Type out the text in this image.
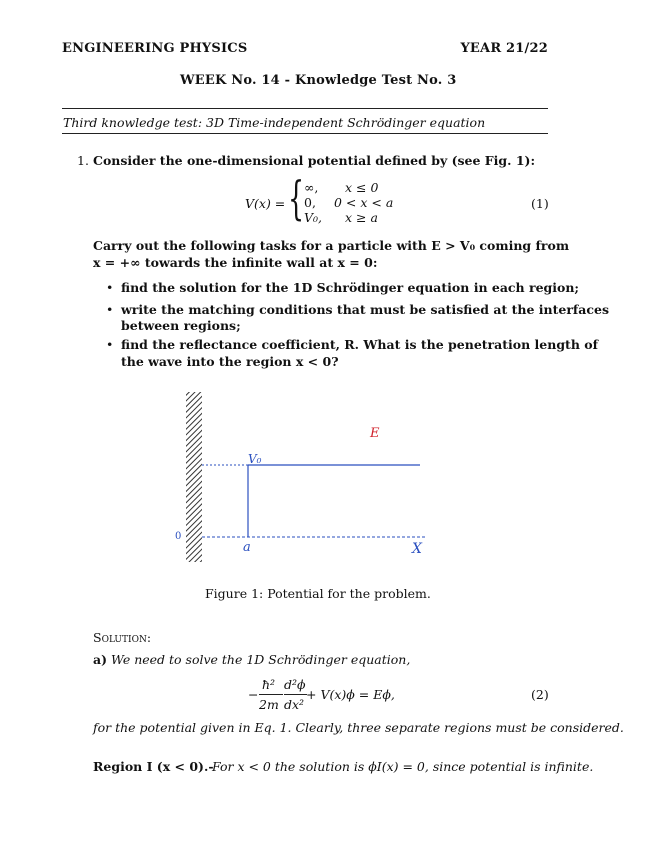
ENGINEERING PHYSICS	YEAR 21/22
WEEK No. 14 - Knowledge Test No. 3
Third knowledge test: 3D Time-independent Schrödinger equation
1. Consider the one-dimensional potential defined by (see Fig. 1):
V(x) = { ∞, x ≤ 0
0, 0 < x < a
V₀, x ≥ a
(1)
Carry out the following tasks for a particle with E > V₀ coming from
x = +∞ towards the infinite wall at x = 0:
• find the solution for the 1D Schrödinger equation in each region;
• write the matching conditions that must be satisfied at the interfaces
between regions;
• find the reflectance coefficient, R. What is the penetration length of
the wave into the region x < 0?
E
V₀
0
a	X
Figure 1: Potential for the problem.
Solution:
a) We need to solve the 1D Schrödinger equation,
−
ħ²
2m
d²ϕ
dx²
+ V(x)ϕ = Eϕ,	(2)
for the potential given in Eq. 1. Clearly, three separate regions must be considered.
Region I (x < 0).-
For x < 0 the solution is ϕI(x) = 0, since potential is infinite.
